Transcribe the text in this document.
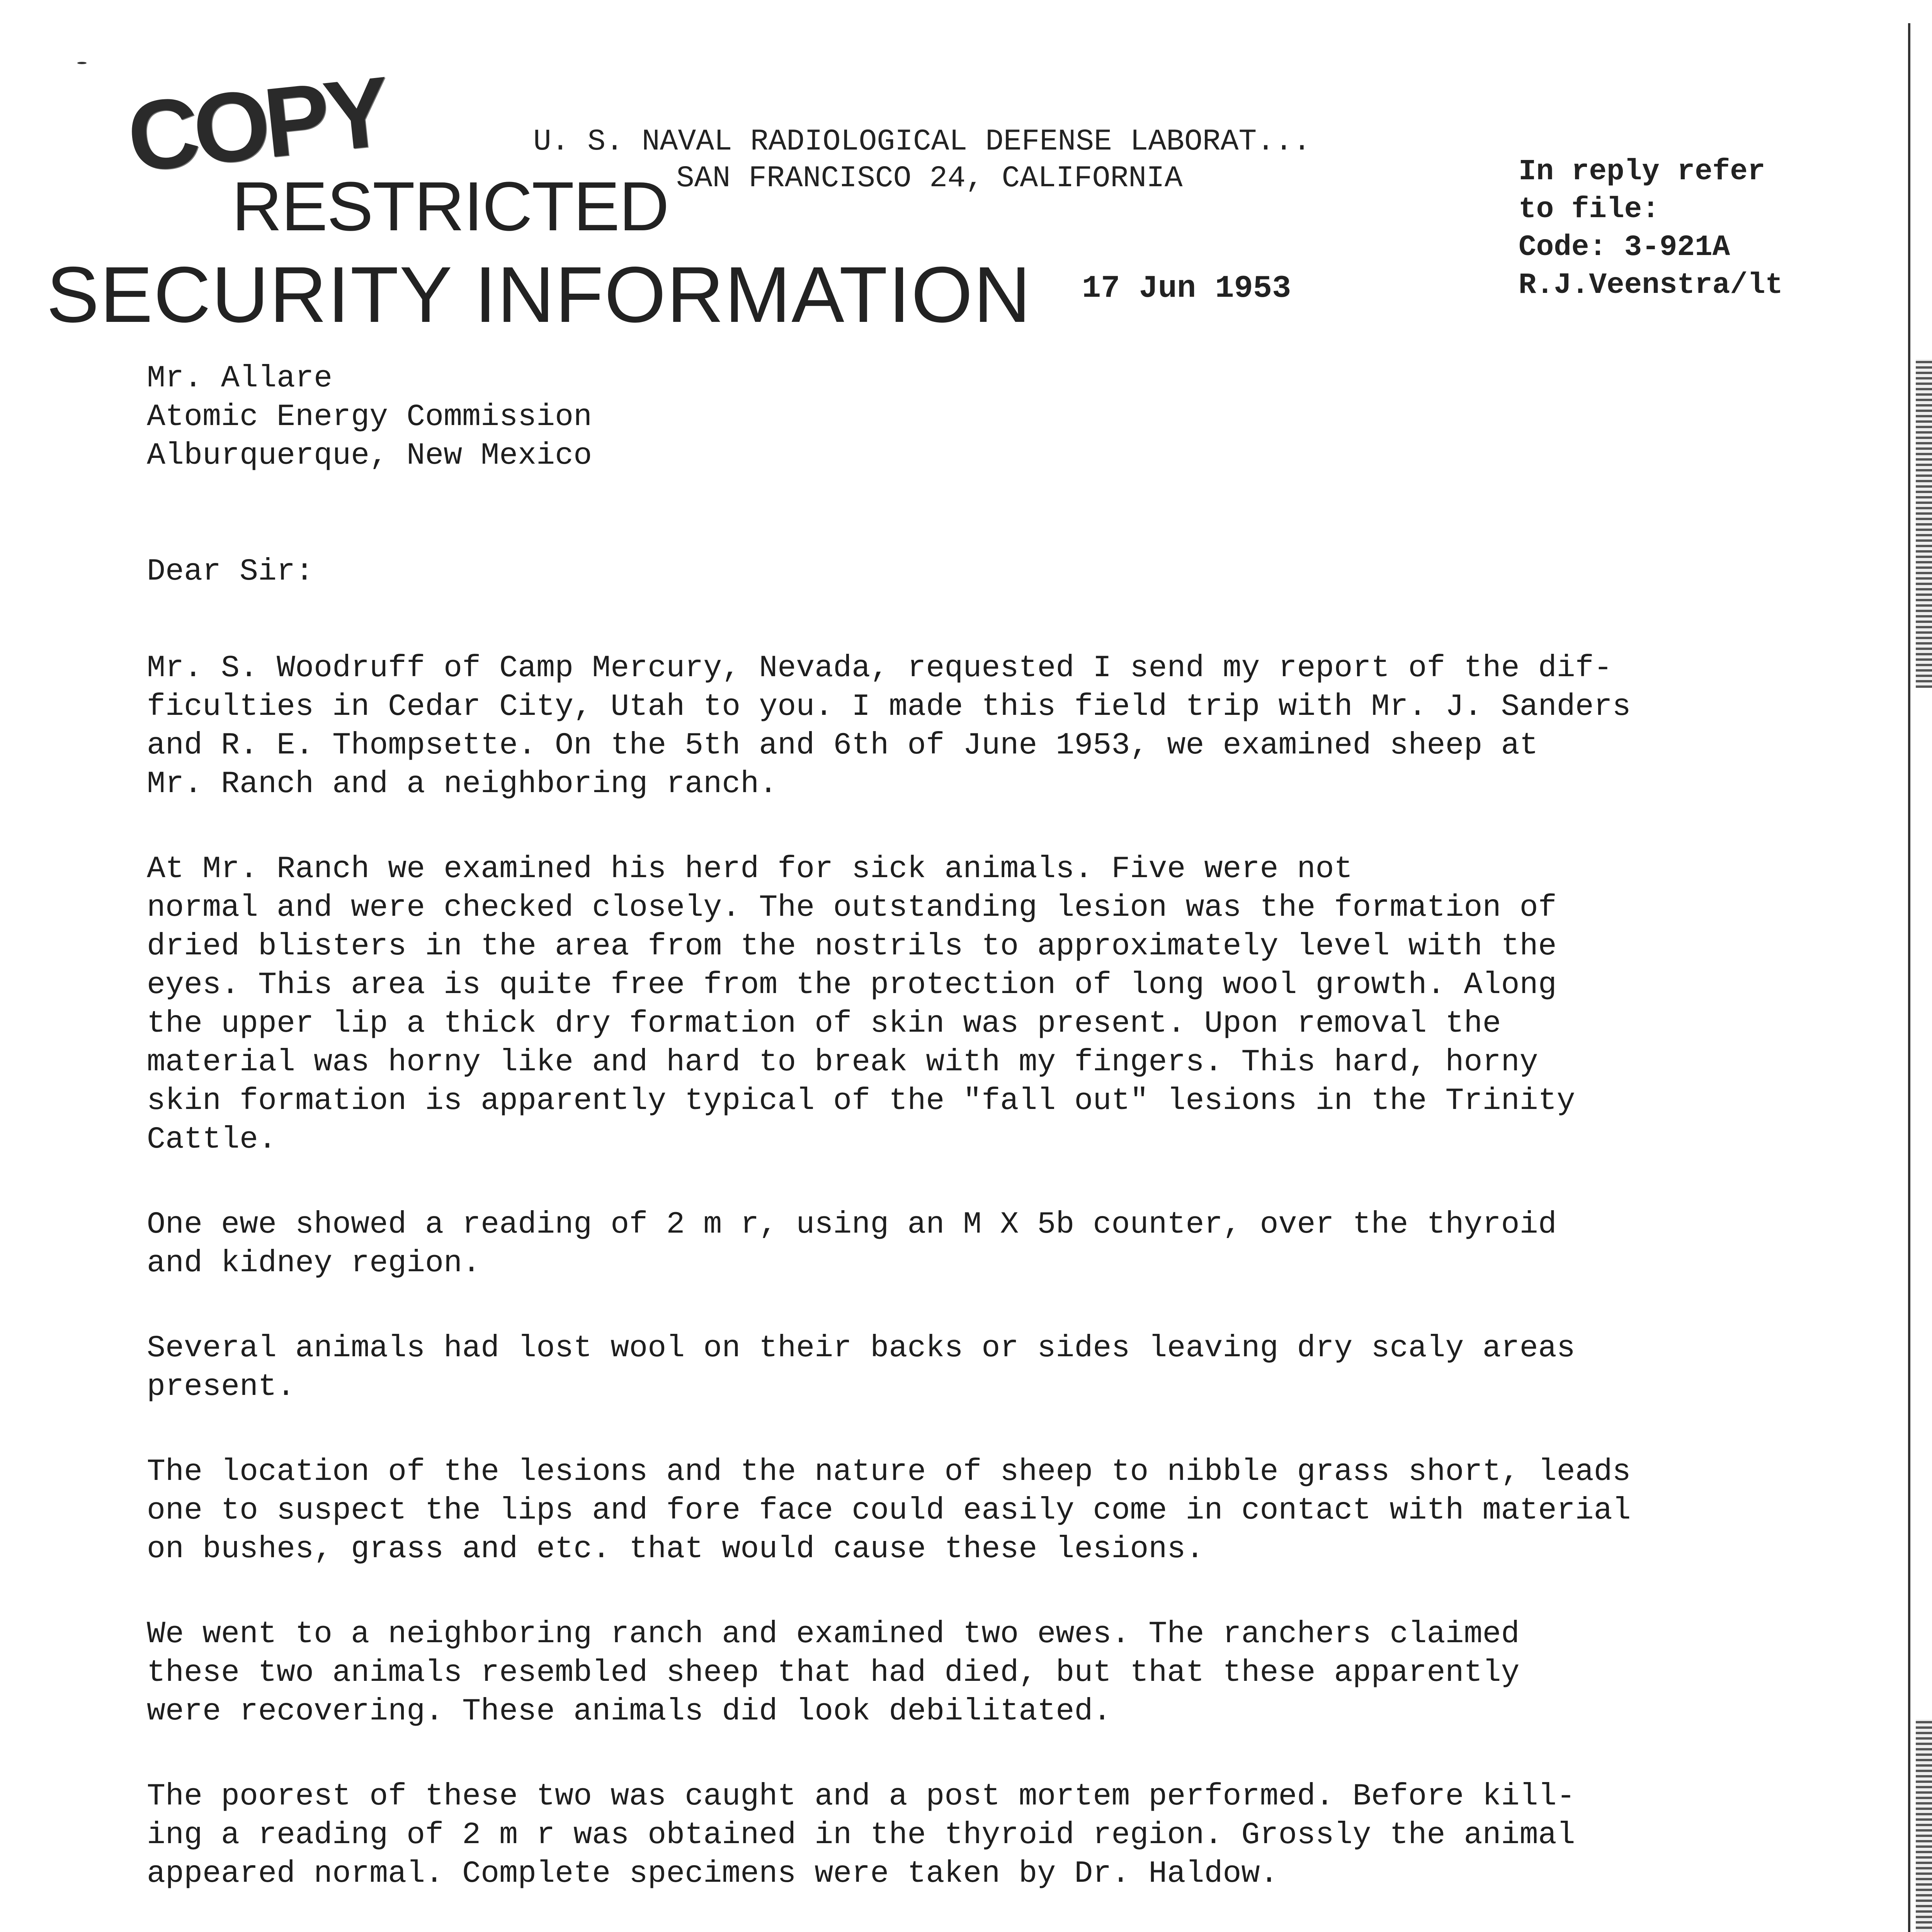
COPY
RESTRICTED
SECURITY INFORMATION
U. S. NAVAL RADIOLOGICAL DEFENSE LABORAT...
SAN FRANCISCO 24, CALIFORNIA	In reply refer
to file:
Code: 3-921A
R.J.Veenstra/lt
17 Jun 1953
Mr. Allare
Atomic Energy Commission
Alburquerque, New Mexico
Dear Sir:
Mr. S. Woodruff of Camp Mercury, Nevada, requested I send my report of the dif-
ficulties in Cedar City, Utah to you. I made this field trip with Mr. J. Sanders
and R. E. Thompsette. On the 5th and 6th of June 1953, we examined sheep at
Mr. Ranch and a neighboring ranch.
At Mr. Ranch we examined his herd for sick animals. Five were not
normal and were checked closely. The outstanding lesion was the formation of
dried blisters in the area from the nostrils to approximately level with the
eyes. This area is quite free from the protection of long wool growth. Along
the upper lip a thick dry formation of skin was present. Upon removal the
material was horny like and hard to break with my fingers. This hard, horny
skin formation is apparently typical of the "fall out" lesions in the Trinity
Cattle.
One ewe showed a reading of 2 m r, using an M X 5b counter, over the thyroid
and kidney region.
Several animals had lost wool on their backs or sides leaving dry scaly areas
present.
The location of the lesions and the nature of sheep to nibble grass short, leads
one to suspect the lips and fore face could easily come in contact with material
on bushes, grass and etc. that would cause these lesions.
We went to a neighboring ranch and examined two ewes. The ranchers claimed
these two animals resembled sheep that had died, but that these apparently
were recovering. These animals did look debilitated.
The poorest of these two was caught and a post mortem performed. Before kill-
ing a reading of 2 m r was obtained in the thyroid region. Grossly the animal
appeared normal. Complete specimens were taken by Dr. Haldow.
